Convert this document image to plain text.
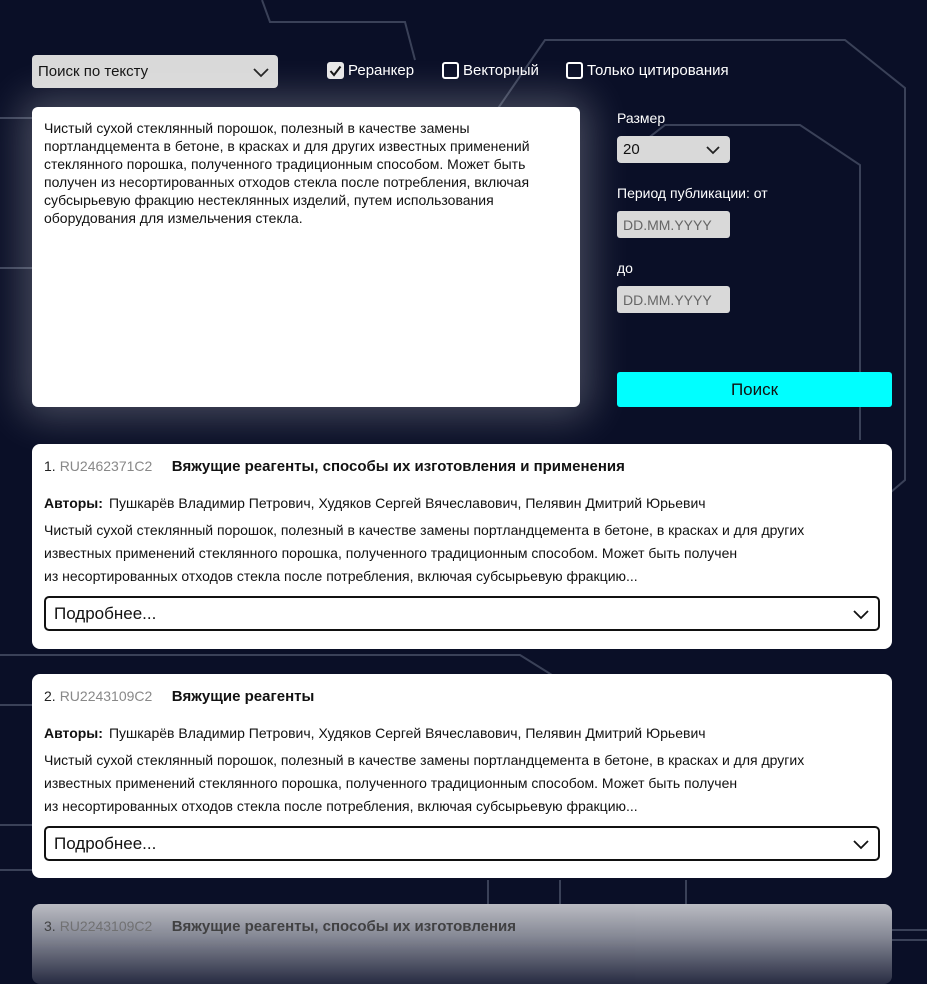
Поиск по тексту	Реранкер	Векторный	Только цитирования
Чистый сухой стеклянный порошок, полезный в качестве замены портландцемента в бетоне, в красках и для других известных применений стеклянного порошка, полученного традиционным способом. Может быть получен из несортированных отходов стекла после потребления, включая субсырьевую фракцию нестеклянных изделий, путем использования оборудования для измельчения стекла.
Размер
20
Период публикации: от
DD.MM.YYYY
до
DD.MM.YYYY
Поиск
1. RU2462371C2	Вяжущие реагенты, способы их изготовления и применения
Авторы: Пушкарёв Владимир Петрович, Худяков Сергей Вячеславович, Пелявин Дмитрий Юрьевич
Чистый сухой стеклянный порошок, полезный в качестве замены портландцемента в бетоне, в красках и для других
известных применений стеклянного порошка, полученного традиционным способом. Может быть получен
из несортированных отходов стекла после потребления, включая субсырьевую фракцию...
Подробнее...
2. RU2243109C2	Вяжущие реагенты
Авторы: Пушкарёв Владимир Петрович, Худяков Сергей Вячеславович, Пелявин Дмитрий Юрьевич
Чистый сухой стеклянный порошок, полезный в качестве замены портландцемента в бетоне, в красках и для других
известных применений стеклянного порошка, полученного традиционным способом. Может быть получен
из несортированных отходов стекла после потребления, включая субсырьевую фракцию...
Подробнее...
3. RU2243109C2	Вяжущие реагенты, способы их изготовления
